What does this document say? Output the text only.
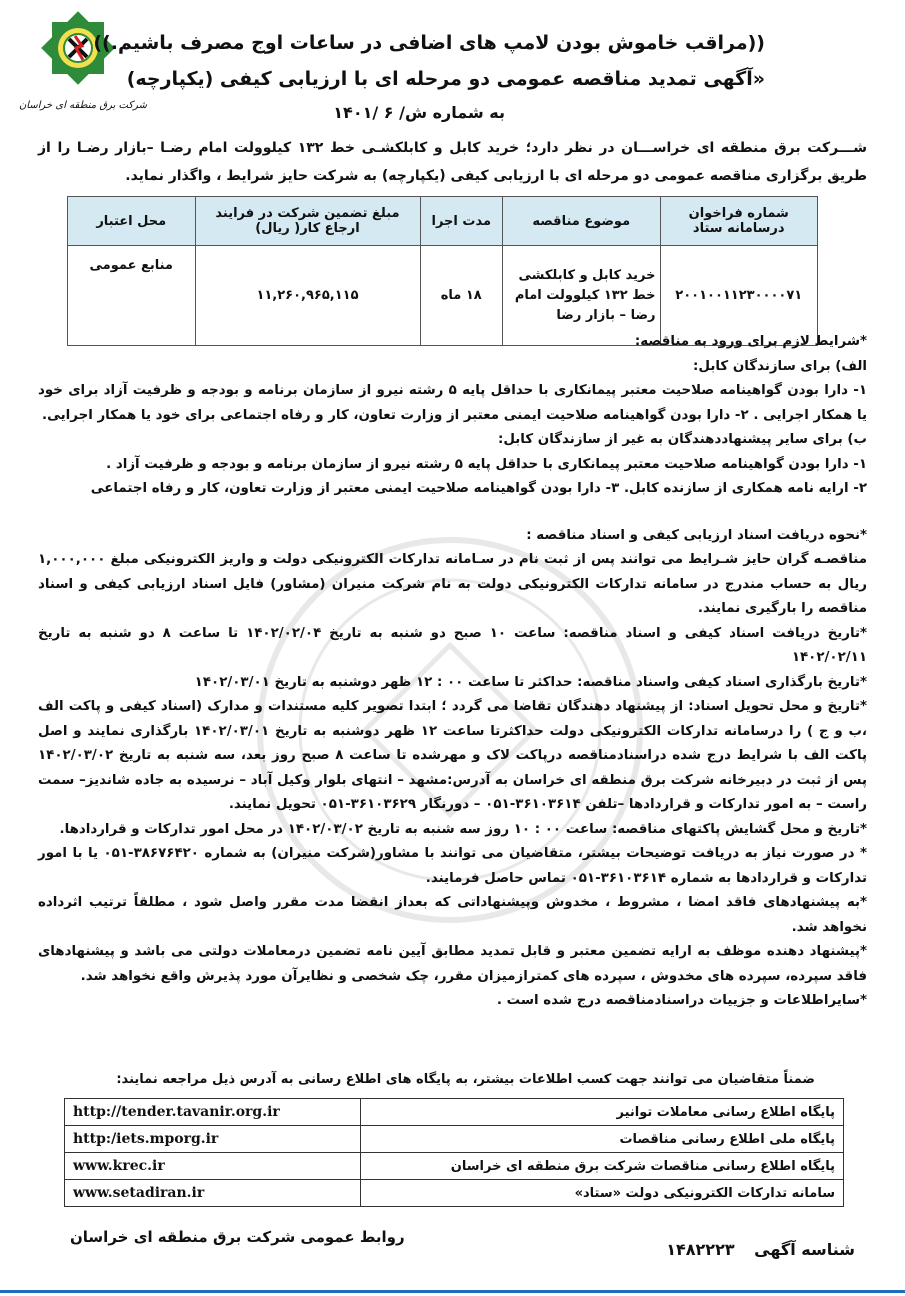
شرکت برق منطقه ای خراسان
((مراقب خاموش بودن لامپ های اضافی در ساعات اوج مصرف باشیم.))
«آگهی تمدید مناقصه عمومی دو مرحله ای با ارزیابی کیفی (یکپارچه)
به شماره ش/ ۶ /۱۴۰۱
شـــرکت برق منطقه ای خراســـان در نظر دارد؛ خرید کابل و کابلکشـی خط ۱۳۲ کیلوولت امام رضـا –بازار رضـا را از طریق برگزاری مناقصه عمومی دو مرحله ای با ارزیابی کیفی (یکپارچه) به شرکت حایز شرایط ، واگذار نماید.
شماره فراخوان درسامانه ستاد	موضوع مناقصه	مدت اجرا	مبلغ تضمین شرکت در فرایند ارجاع کار( ریال)	محل اعتبار
۲۰۰۱۰۰۱۱۲۳۰۰۰۰۷۱	خرید کابل و کابلکشی خط ۱۳۲ کیلوولت امام رضا – بازار رضا	۱۸ ماه	۱۱,۲۶۰,۹۶۵,۱۱۵	منابع عمومی

*شرایط لازم برای ورود به مناقصه:

الف) برای سازندگان کابل:

۱- دارا بودن گواهینامه صلاحیت معتبر پیمانکاری با حداقل پایه ۵ رشته نیرو از سازمان برنامه و بودجه و ظرفیت آزاد برای خود یا همکار اجرایی . ۲- دارا بودن گواهینامه صلاحیت ایمنی معتبر از وزارت تعاون، کار و رفاه اجتماعی برای خود یا همکار اجرایی.

ب) برای سایر پیشنهاددهندگان به غیر از سازندگان کابل:

۱- دارا بودن گواهینامه صلاحیت معتبر پیمانکاری با حداقل پایه ۵ رشته نیرو از سازمان برنامه و بودجه و ظرفیت آزاد .

۲- ارایه نامه همکاری از سازنده کابل. ۳- دارا بودن گواهینامه صلاحیت ایمنی معتبر از وزارت تعاون، کار و رفاه اجتماعی

*نحوه دریافت اسناد ارزیابی کیفی و اسناد مناقصه :

مناقصـه گران حایز شـرایط می توانند پس از ثبت نام در سـامانه تدارکات الکترونیکی دولت و واریز الکترونیکی مبلغ ۱,۰۰۰,۰۰۰ ریال به حساب مندرج در سامانه تدارکات الکترونیکی دولت به نام شرکت منیران (مشاور) فایل اسناد ارزیابی کیفی و اسناد مناقصه را بارگیری نمایند.

*تاریخ دریافت اسناد کیفی و اسناد مناقصه: ساعت ۱۰ صبح دو شنبه به تاریخ ۱۴۰۲/۰۲/۰۴ تا ساعت ۸ دو شنبه به تاریخ ۱۴۰۲/۰۲/۱۱

*تاریخ بارگذاری اسناد کیفی واسناد مناقصه: حداکثر تا ساعت ۰۰ : ۱۲ ظهر دوشنبه به تاریخ ۱۴۰۲/۰۳/۰۱

*تاریخ و محل تحویل اسناد: از پیشنهاد دهندگان تقاضا می گردد ؛ ابتدا تصویر کلیه مستندات و مدارک (اسناد کیفی و پاکت الف ،ب و ج ) را درسامانه تدارکات الکترونیکی دولت حداکثرتا ساعت ۱۲ ظهر دوشنبه به تاریخ ۱۴۰۲/۰۳/۰۱ بارگذاری نمایند و اصل پاکت الف با شرایط درج شده دراسنادمناقصه درپاکت لاک و مهرشده تا ساعت ۸ صبح روز بعد، سه شنبه به تاریخ ۱۴۰۲/۰۳/۰۲ پس از ثبت در دبیرخانه شرکت برق منطقه ای خراسان به آدرس:مشهد – انتهای بلوار وکیل آباد – نرسیده به جاده شاندیز– سمت راست – به امور تدارکات و قراردادها –تلفن ۳۶۱۰۳۶۱۴-۰۵۱ – دورنگار ۳۶۱۰۳۶۲۹-۰۵۱ تحویل نمایند.

*تاریخ و محل گشایش پاکتهای مناقصه: ساعت ۰۰ : ۱۰ روز سه شنبه به تاریخ ۱۴۰۲/۰۳/۰۲ در محل امور تدارکات و قراردادها.

* در صورت نیاز به دریافت توضیحات بیشتر، متقاضیان می توانند با مشاور(شرکت منیران) به شماره ۳۸۶۷۶۴۲۰-۰۵۱ یا با امور تدارکات و قراردادها به شماره ۳۶۱۰۳۶۱۴-۰۵۱ تماس حاصل فرمایند.

*به پیشنهادهای فاقد امضا ، مشروط ، مخدوش وپیشنهاداتی که بعداز انقضا مدت مقرر واصل شود ، مطلقاً ترتیب اثرداده نخواهد شد.

*پیشنهاد دهنده موظف به ارایه تضمین معتبر و قابل تمدید مطابق آیین نامه تضمین درمعاملات دولتی می باشد و پیشنهادهای فاقد سپرده، سپرده های مخدوش ، سپرده های کمترازمیزان مقرر، چک شخصی و نظایرآن مورد پذیرش واقع نخواهد شد.

*سایراطلاعات و جزییات دراسنادمناقصه درج شده است .

ضمناً متقاضیان می توانند جهت کسب اطلاعات بیشتر، به پایگاه های اطلاع رسانی به آدرس ذیل مراجعه نمایند:
پایگاه اطلاع رسانی معاملات توانیر	http://tender.tavanir.org.ir
پایگاه ملی اطلاع رسانی مناقصات	http:/iets.mporg.ir
پایگاه اطلاع رسانی مناقصات شرکت برق منطقه ای خراسان	www.krec.ir
سامانه تدارکات الکترونیکی دولت «ستاد»	www.setadiran.ir
روابط عمومی شرکت برق منطقه ای خراسان
شناسه آگهی ۱۴۸۲۲۲۳
